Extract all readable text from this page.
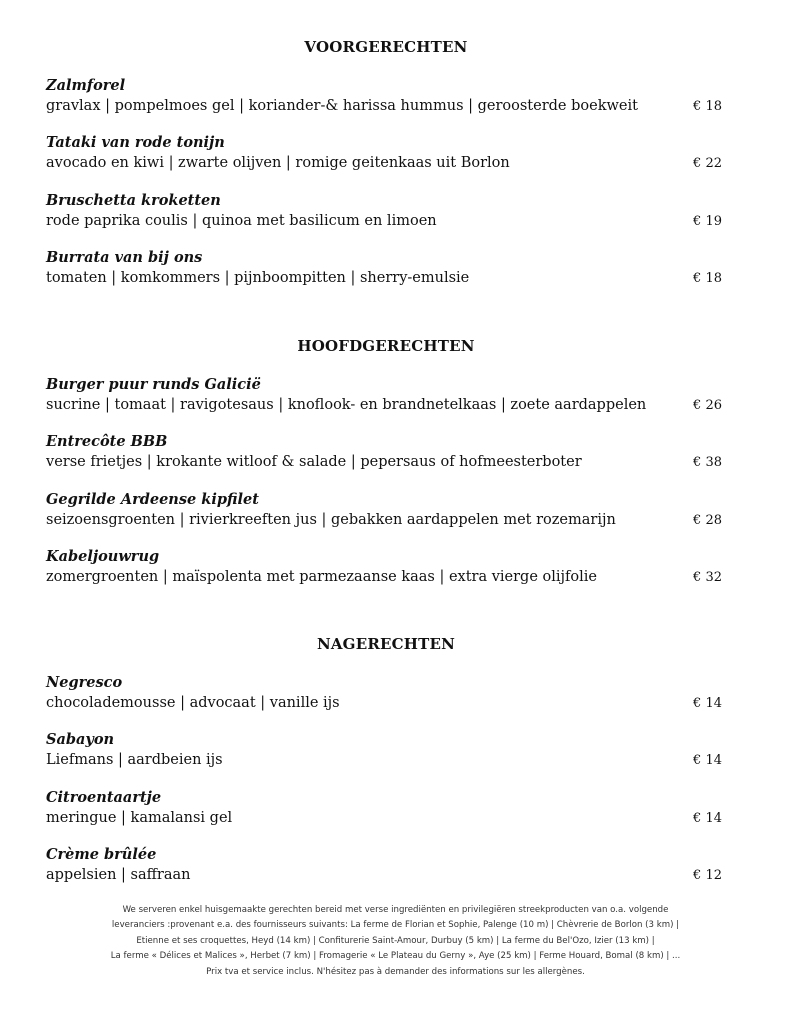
VOORGERECHTEN
Zalmforel
gravlax | pompelmoes gel | koriander-& harissa hummus | geroosterde boekweit	€ 18
Tataki van rode tonijn
avocado en kiwi | zwarte olijven | romige geitenkaas uit Borlon	€ 22
Bruschetta kroketten
rode paprika coulis | quinoa met basilicum en limoen	€ 19
Burrata van bij ons
tomaten | komkommers | pijnboompitten | sherry-emulsie	€ 18
HOOFDGERECHTEN
Burger puur runds Galicië
sucrine | tomaat | ravigotesaus | knoflook- en brandnetelkaas | zoete aardappelen	€ 26
Entrecôte BBB
verse frietjes | krokante witloof & salade | pepersaus of hofmeesterboter	€ 38
Gegrilde Ardeense kipfilet
seizoensgroenten | rivierkreeften jus | gebakken aardappelen met rozemarijn	€ 28
Kabeljouwrug
zomergroenten | maïspolenta met parmezaanse kaas | extra vierge olijfolie	€ 32
NAGERECHTEN
Negresco
chocolademousse | advocaat | vanille ijs	€ 14
Sabayon
Liefmans | aardbeien ijs	€ 14
Citroentaartje
meringue | kamalansi gel	€ 14
Crème brûlée
appelsien | saffraan	€ 12
We serveren enkel huisgemaakte gerechten bereid met verse ingrediënten en privilegiëren streekproducten van o.a. volgende
leveranciers :provenant e.a. des fournisseurs suivants: La ferme de Florian et Sophie, Palenge (10 m) | Chèvrerie de Borlon (3 km) |
Etienne et ses croquettes, Heyd (14 km) | Confiturerie Saint-Amour, Durbuy (5 km) | La ferme du Bel'Ozo, Izier (13 km) |
La ferme « Délices et Malices », Herbet (7 km) | Fromagerie « Le Plateau du Gerny », Aye (25 km) | Ferme Houard, Bomal (8 km) | ...
Prix tva et service inclus. N'hésitez pas à demander des informations sur les allergènes.
